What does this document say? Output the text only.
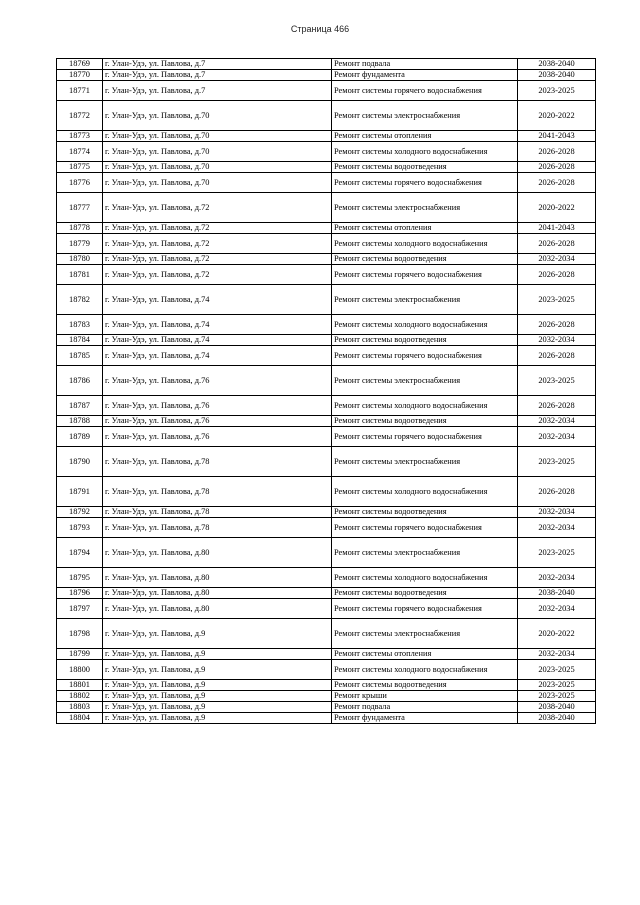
Страница 466
18769	г. Улан-Удэ, ул. Павлова, д.7	Ремонт подвала	2038-2040
18770	г. Улан-Удэ, ул. Павлова, д.7	Ремонт фундамента	2038-2040
18771	г. Улан-Удэ, ул. Павлова, д.7	Ремонт системы горячего водоснабжения	2023-2025
18772	г. Улан-Удэ, ул. Павлова, д.70	Ремонт системы электроснабжения	2020-2022
18773	г. Улан-Удэ, ул. Павлова, д.70	Ремонт системы отопления	2041-2043
18774	г. Улан-Удэ, ул. Павлова, д.70	Ремонт системы холодного водоснабжения	2026-2028
18775	г. Улан-Удэ, ул. Павлова, д.70	Ремонт системы водоотведения	2026-2028
18776	г. Улан-Удэ, ул. Павлова, д.70	Ремонт системы горячего водоснабжения	2026-2028
18777	г. Улан-Удэ, ул. Павлова, д.72	Ремонт системы электроснабжения	2020-2022
18778	г. Улан-Удэ, ул. Павлова, д.72	Ремонт системы отопления	2041-2043
18779	г. Улан-Удэ, ул. Павлова, д.72	Ремонт системы холодного водоснабжения	2026-2028
18780	г. Улан-Удэ, ул. Павлова, д.72	Ремонт системы водоотведения	2032-2034
18781	г. Улан-Удэ, ул. Павлова, д.72	Ремонт системы горячего водоснабжения	2026-2028
18782	г. Улан-Удэ, ул. Павлова, д.74	Ремонт системы электроснабжения	2023-2025
18783	г. Улан-Удэ, ул. Павлова, д.74	Ремонт системы холодного водоснабжения	2026-2028
18784	г. Улан-Удэ, ул. Павлова, д.74	Ремонт системы водоотведения	2032-2034
18785	г. Улан-Удэ, ул. Павлова, д.74	Ремонт системы горячего водоснабжения	2026-2028
18786	г. Улан-Удэ, ул. Павлова, д.76	Ремонт системы электроснабжения	2023-2025
18787	г. Улан-Удэ, ул. Павлова, д.76	Ремонт системы холодного водоснабжения	2026-2028
18788	г. Улан-Удэ, ул. Павлова, д.76	Ремонт системы водоотведения	2032-2034
18789	г. Улан-Удэ, ул. Павлова, д.76	Ремонт системы горячего водоснабжения	2032-2034
18790	г. Улан-Удэ, ул. Павлова, д.78	Ремонт системы электроснабжения	2023-2025
18791	г. Улан-Удэ, ул. Павлова, д.78	Ремонт системы холодного водоснабжения	2026-2028
18792	г. Улан-Удэ, ул. Павлова, д.78	Ремонт системы водоотведения	2032-2034
18793	г. Улан-Удэ, ул. Павлова, д.78	Ремонт системы горячего водоснабжения	2032-2034
18794	г. Улан-Удэ, ул. Павлова, д.80	Ремонт системы электроснабжения	2023-2025
18795	г. Улан-Удэ, ул. Павлова, д.80	Ремонт системы холодного водоснабжения	2032-2034
18796	г. Улан-Удэ, ул. Павлова, д.80	Ремонт системы водоотведения	2038-2040
18797	г. Улан-Удэ, ул. Павлова, д.80	Ремонт системы горячего водоснабжения	2032-2034
18798	г. Улан-Удэ, ул. Павлова, д.9	Ремонт системы электроснабжения	2020-2022
18799	г. Улан-Удэ, ул. Павлова, д.9	Ремонт системы отопления	2032-2034
18800	г. Улан-Удэ, ул. Павлова, д.9	Ремонт системы холодного водоснабжения	2023-2025
18801	г. Улан-Удэ, ул. Павлова, д.9	Ремонт системы водоотведения	2023-2025
18802	г. Улан-Удэ, ул. Павлова, д.9	Ремонт крыши	2023-2025
18803	г. Улан-Удэ, ул. Павлова, д.9	Ремонт подвала	2038-2040
18804	г. Улан-Удэ, ул. Павлова, д.9	Ремонт фундамента	2038-2040
